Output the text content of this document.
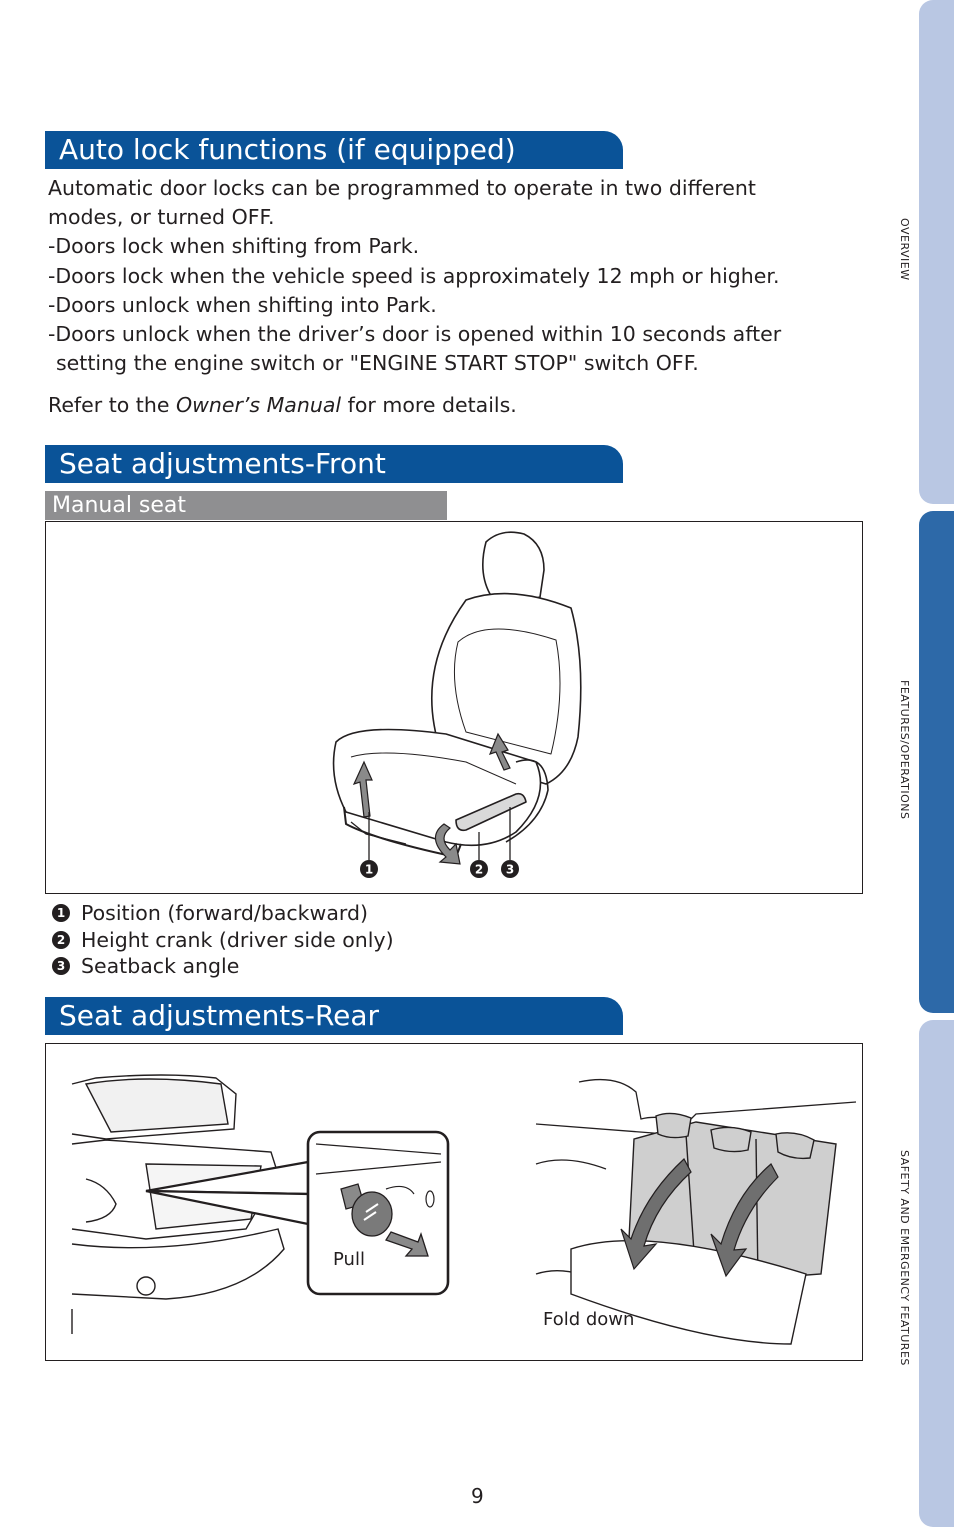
Auto lock functions (if equipped)

Automatic door locks can be programmed to operate in two different

modes, or turned OFF.

-Doors lock when shifting from Park.

-Doors lock when the vehicle speed is approximately 12 mph or higher.

-Doors unlock when shifting into Park.

-Doors unlock when the driver’s door is opened within 10 seconds after

setting the engine switch or "ENGINE START STOP" switch OFF.

Refer to the Owner’s Manual for more details.

Seat adjustments-Front
Manual seat
1	2 3
1 Position (forward/backward)
2 Height crank (driver side only)
3 Seatback angle
Seat adjustments-Rear
Pull
Fold down
OVERVIEW
FEATURES/OPERATIONS
SAFETY AND EMERGENCY FEATURES
9
